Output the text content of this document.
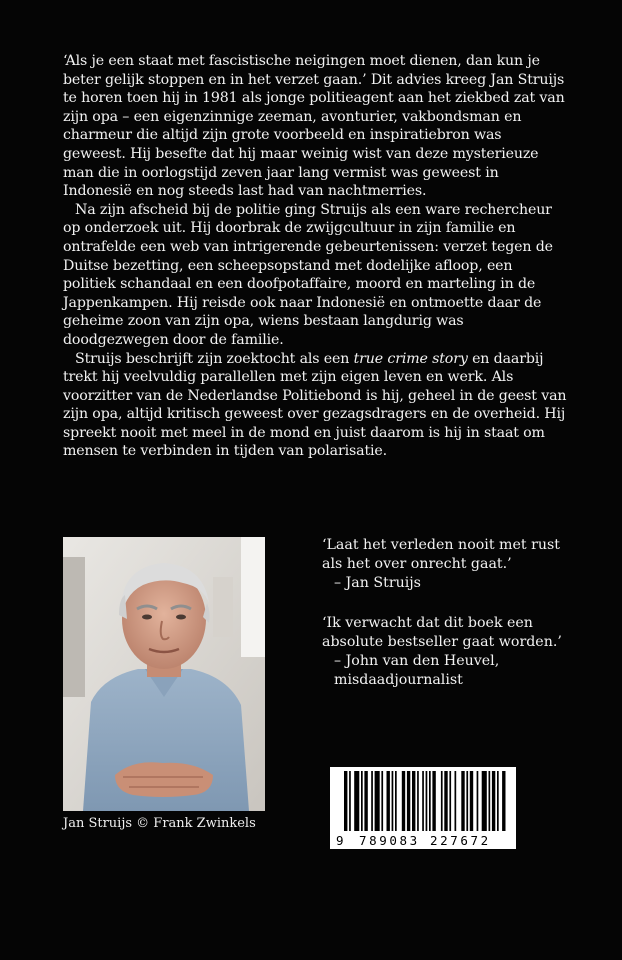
‘Als je een staat met fascistische neigingen moet dienen, dan kun je beter gelijk stoppen en in het verzet gaan.’ Dit advies kreeg Jan Struijs te horen toen hij in 1981 als jonge politieagent aan het ziekbed zat van zijn opa – een eigenzinnige zeeman, avonturier, vakbondsman en charmeur die altijd zijn grote voorbeeld en inspiratiebron was geweest. Hij besefte dat hij maar weinig wist van deze mysterieuze man die in oorlogstijd zeven jaar lang vermist was geweest in Indonesië en nog steeds last had van nachtmerries.

Na zijn afscheid bij de politie ging Struijs als een ware rechercheur op onderzoek uit. Hij doorbrak de zwijgcultuur in zijn familie en ontrafelde een web van intrigerende gebeurtenissen: verzet tegen de Duitse bezetting, een scheepsopstand met dodelijke afloop, een politiek schandaal en een doofpotaffaire, moord en marteling in de Jappenkampen. Hij reisde ook naar Indonesië en ontmoette daar de geheime zoon van zijn opa, wiens bestaan langdurig was doodgezwegen door de familie.

Struijs beschrijft zijn zoektocht als een true crime story en daarbij trekt hij veelvuldig parallellen met zijn eigen leven en werk. Als voorzitter van de Nederlandse Politiebond is hij, geheel in de geest van zijn opa, altijd kritisch geweest over gezagsdragers en de overheid. Hij spreekt nooit met meel in de mond en juist daarom is hij in staat om mensen te verbinden in tijden van polarisatie.

Jan Struijs © Frank Zwinkels

‘Laat het verleden nooit met rust als het over onrecht gaat.’
– Jan Struijs

‘Ik verwacht dat dit boek een absolute bestseller gaat worden.’
– John van den Heuvel,
misdaadjournalist

9 789083 227672
